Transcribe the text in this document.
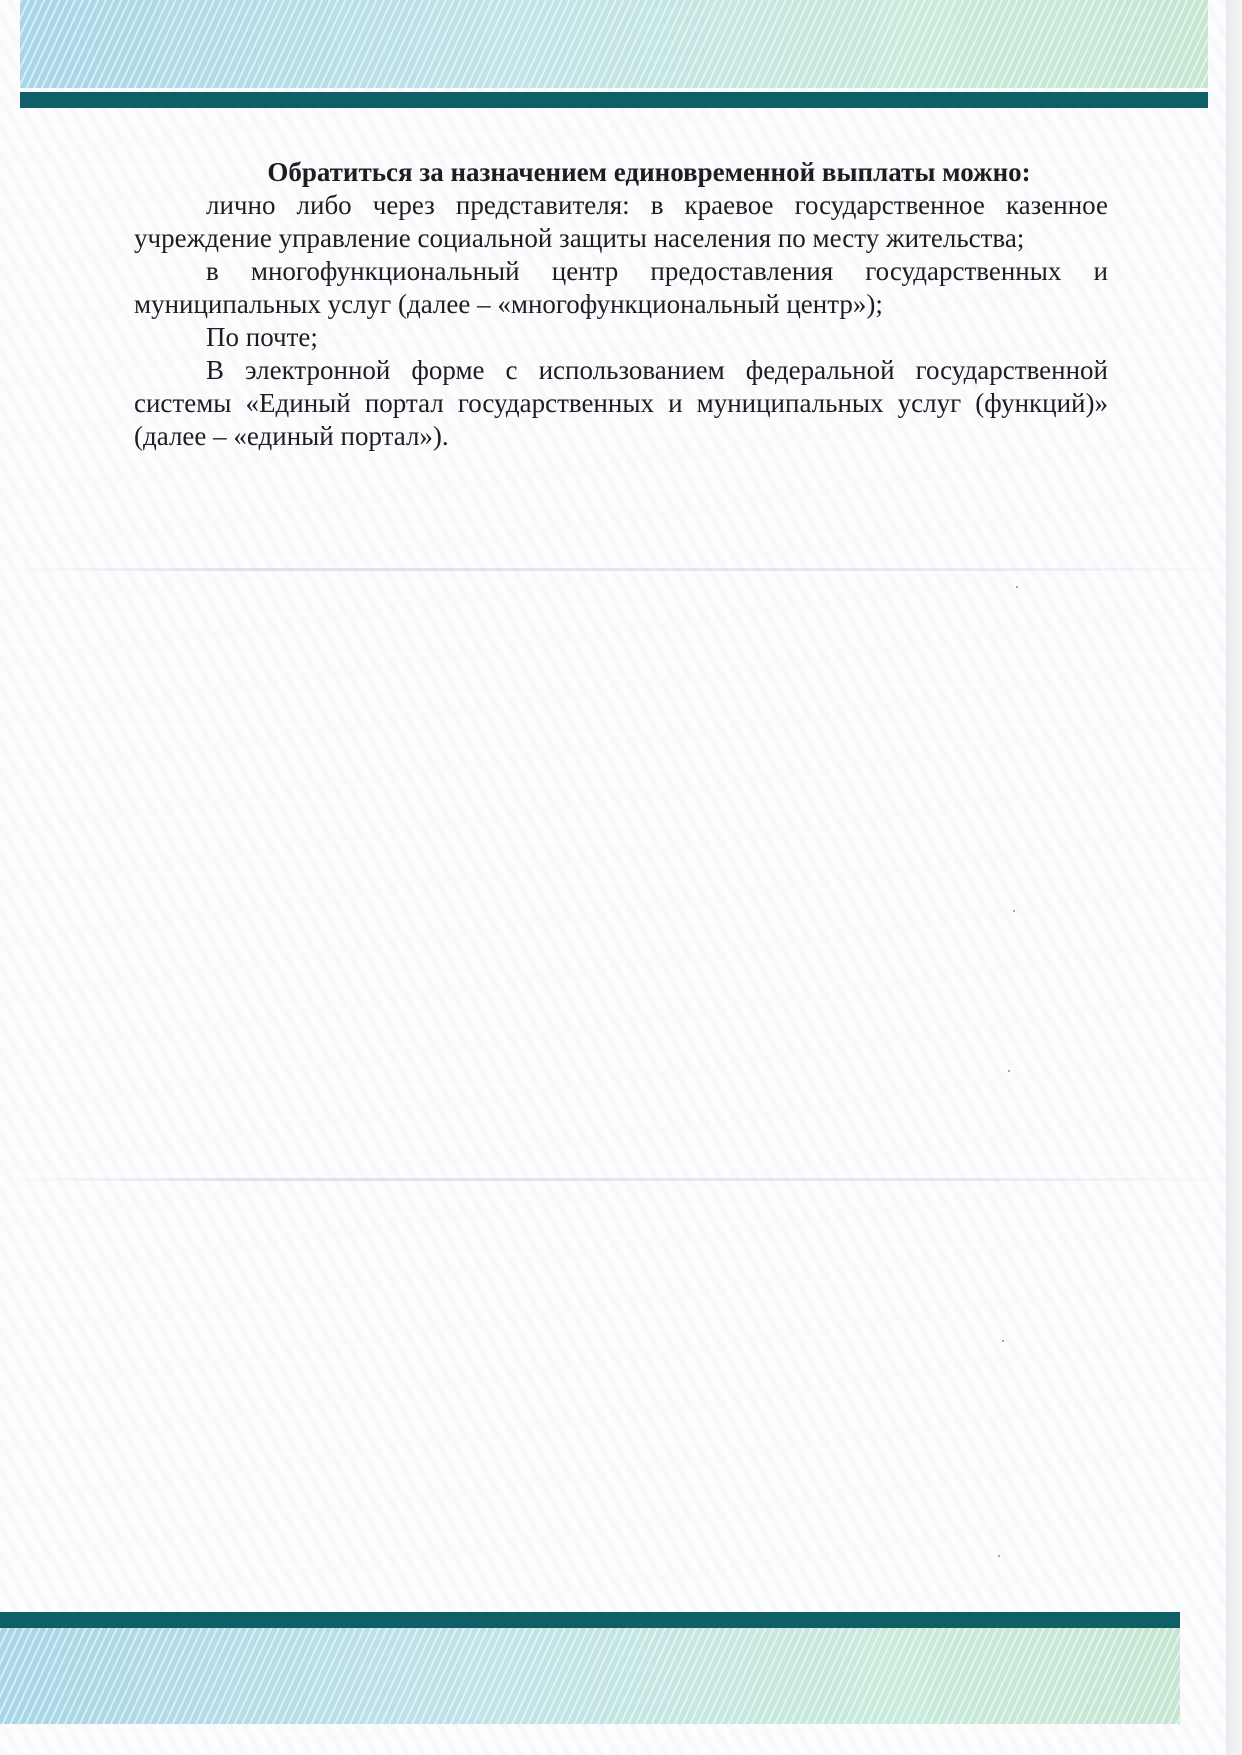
Обратиться за назначением единовременной выплаты можно:

лично либо через представителя: в краевое государственное казенное учреждение управление социальной защиты населения по месту жительства;

в многофункциональный центр предоставления государственных и муниципальных услуг (далее – «многофункциональный центр»);

По почте;

В электронной форме с использованием федеральной государственной системы «Единый портал государственных и муниципальных услуг (функций)» (далее – «единый портал»).
